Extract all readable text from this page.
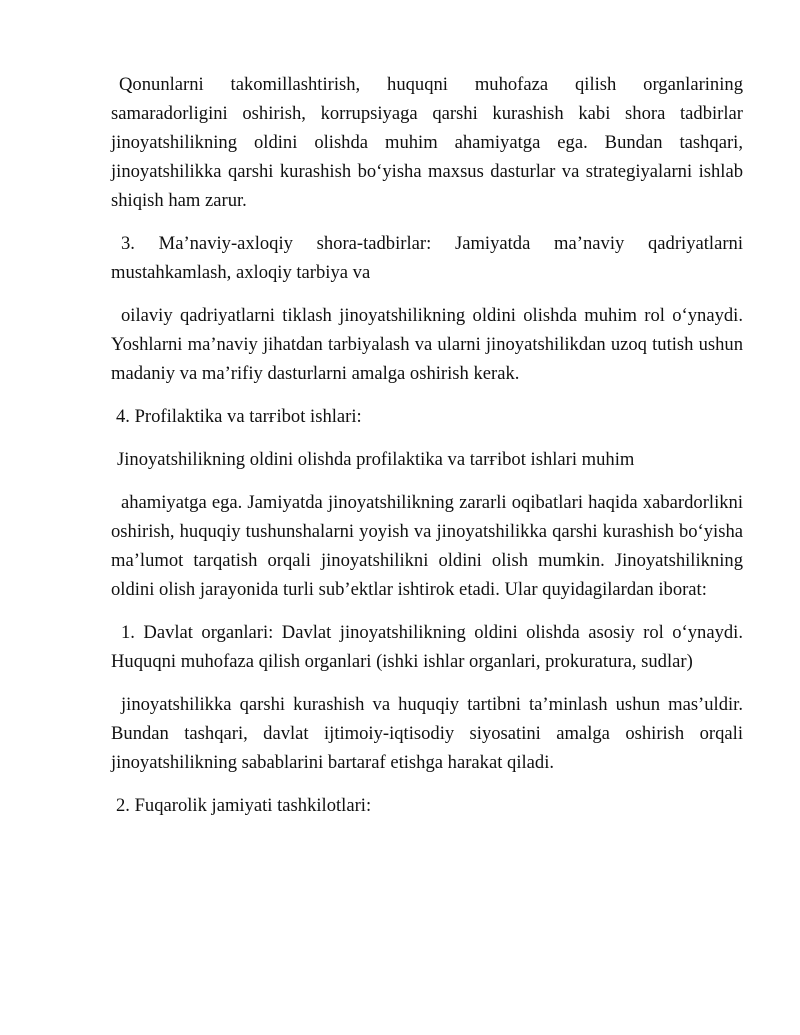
Qonunlarni takomillashtirish, huquqni muhofaza qilish organlarining samaradorligini oshirish, korrupsiyaga qarshi kurashish kabi shora tadbirlar jinoyatshilikning oldini olishda muhim ahamiyatga ega. Bundan tashqari, jinoyatshilikka qarshi kurashish bo‘yisha maxsus dasturlar va strategiyalarni ishlab shiqish ham zarur.

3. Ma’naviy-axloqiy shora-tadbirlar: Jamiyatda ma’naviy qadriyatlarni mustahkamlash, axloqiy tarbiya va

oilaviy qadriyatlarni tiklash jinoyatshilikning oldini olishda muhim rol o‘ynaydi. Yoshlarni ma’naviy jihatdan tarbiyalash va ularni jinoyatshilikdan uzoq tutish ushun madaniy va ma’rifiy dasturlarni amalga oshirish kerak.

4. Profilaktika va tarғibot ishlari:

Jinoyatshilikning oldini olishda profilaktika va tarғibot ishlari muhim

ahamiyatga ega. Jamiyatda jinoyatshilikning zararli oqibatlari haqida xabardorlikni oshirish, huquqiy tushunshalarni yoyish va jinoyatshilikka qarshi kurashish bo‘yisha ma’lumot tarqatish orqali jinoyatshilikni oldini olish mumkin. Jinoyatshilikning oldini olish jarayonida turli sub’ektlar ishtirok etadi. Ular quyidagilardan iborat:

1. Davlat organlari: Davlat jinoyatshilikning oldini olishda asosiy rol o‘ynaydi. Huquqni muhofaza qilish organlari (ishki ishlar organlari, prokuratura, sudlar)

jinoyatshilikka qarshi kurashish va huquqiy tartibni ta’minlash ushun mas’uldir. Bundan tashqari, davlat ijtimoiy-iqtisodiy siyosatini amalga oshirish orqali jinoyatshilikning sabablarini bartaraf etishga harakat qiladi.

2. Fuqarolik jamiyati tashkilotlari:
